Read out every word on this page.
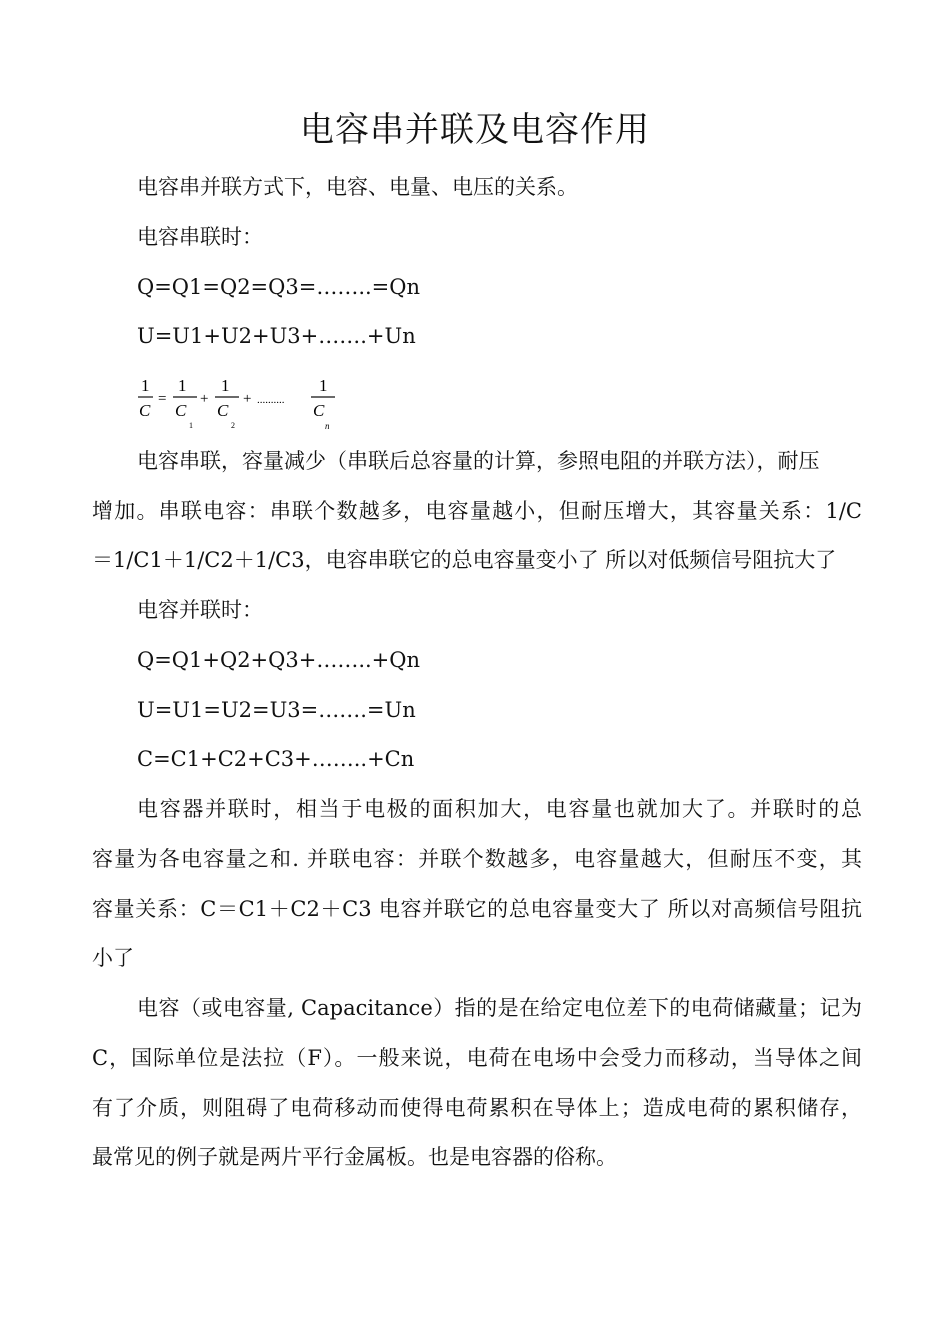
电容串并联及电容作用
电容串并联方式下，电容、电量、电压的关系。
电容串联时：
Q=Q1=Q2=Q3=……..=Qn
U=U1+U2+U3+…….+Un
1
C
=
1
C
1
+
1
C
2
+ ..........
1
C
n
电容串联，容量减少（串联后总容量的计算，参照电阻的并联方法），耐压
增加。串联电容：串联个数越多，电容量越小，但耐压增大，其容量关系：1/C
＝1/C1＋1/C2＋1/C3，电容串联它的总电容量变小了 所以对低频信号阻抗大了
电容并联时：
Q=Q1+Q2+Q3+……..+Qn
U=U1=U2=U3=…….=Un
C=C1+C2+C3+……..+Cn
电容器并联时，相当于电极的面积加大，电容量也就加大了。并联时的总
容量为各电容量之和. 并联电容：并联个数越多，电容量越大，但耐压不变，其
容量关系：C＝C1＋C2＋C3 电容并联它的总电容量变大了 所以对高频信号阻抗
小了
电容（或电容量, Capacitance）指的是在给定电位差下的电荷储藏量；记为
C，国际单位是法拉（F）。一般来说，电荷在电场中会受力而移动，当导体之间
有了介质，则阻碍了电荷移动而使得电荷累积在导体上；造成电荷的累积储存，
最常见的例子就是两片平行金属板。也是电容器的俗称。
